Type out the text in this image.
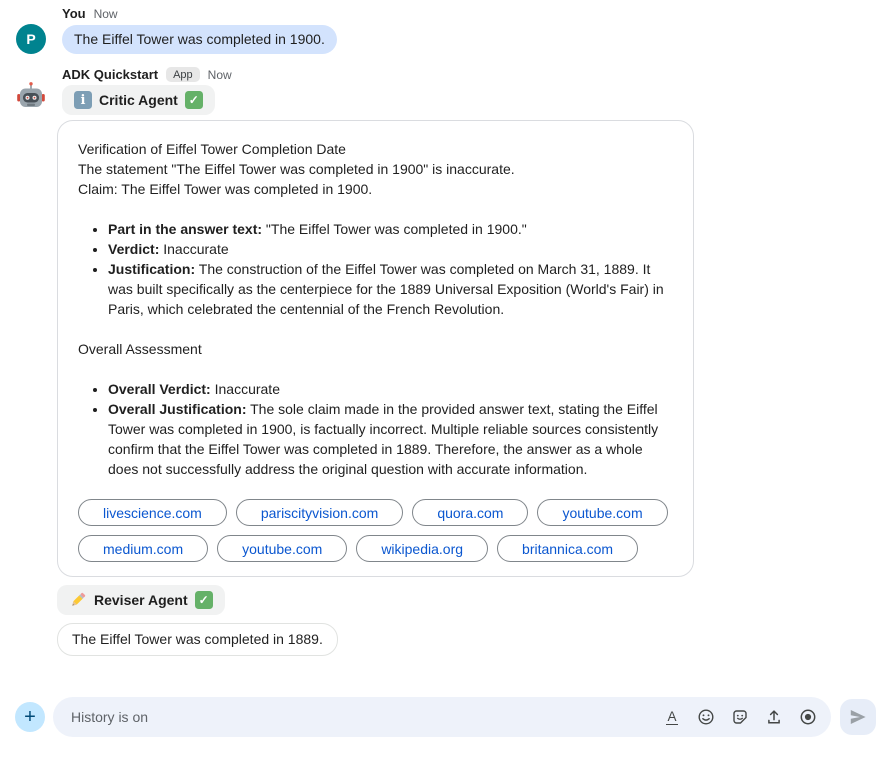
P
You Now
The Eiffel Tower was completed in 1900.
ADK Quickstart	App	Now
i Critic Agent ✓

Verification of Eiffel Tower Completion Date

The statement "The Eiffel Tower was completed in 1900" is inaccurate.

Claim: The Eiffel Tower was completed in 1900.

• Part in the answer text: "The Eiffel Tower was completed in 1900."
• Verdict: Inaccurate
• Justification: The construction of the Eiffel Tower was completed on March 31, 1889. It was built specifically as the centerpiece for the 1889 Universal Exposition (World's Fair) in Paris, which celebrated the centennial of the French Revolution.

Overall Assessment

• Overall Verdict: Inaccurate
• Overall Justification: The sole claim made in the provided answer text, stating the Eiffel Tower was completed in 1900, is factually incorrect. Multiple reliable sources consistently confirm that the Eiffel Tower was completed in 1889. Therefore, the answer as a whole does not successfully address the original question with accurate information.
livescience.com	pariscityvision.com	quora.com	youtube.com
medium.com	youtube.com	wikipedia.org	britannica.com
Reviser Agent ✓
The Eiffel Tower was completed in 1889.
+
History is on	A
